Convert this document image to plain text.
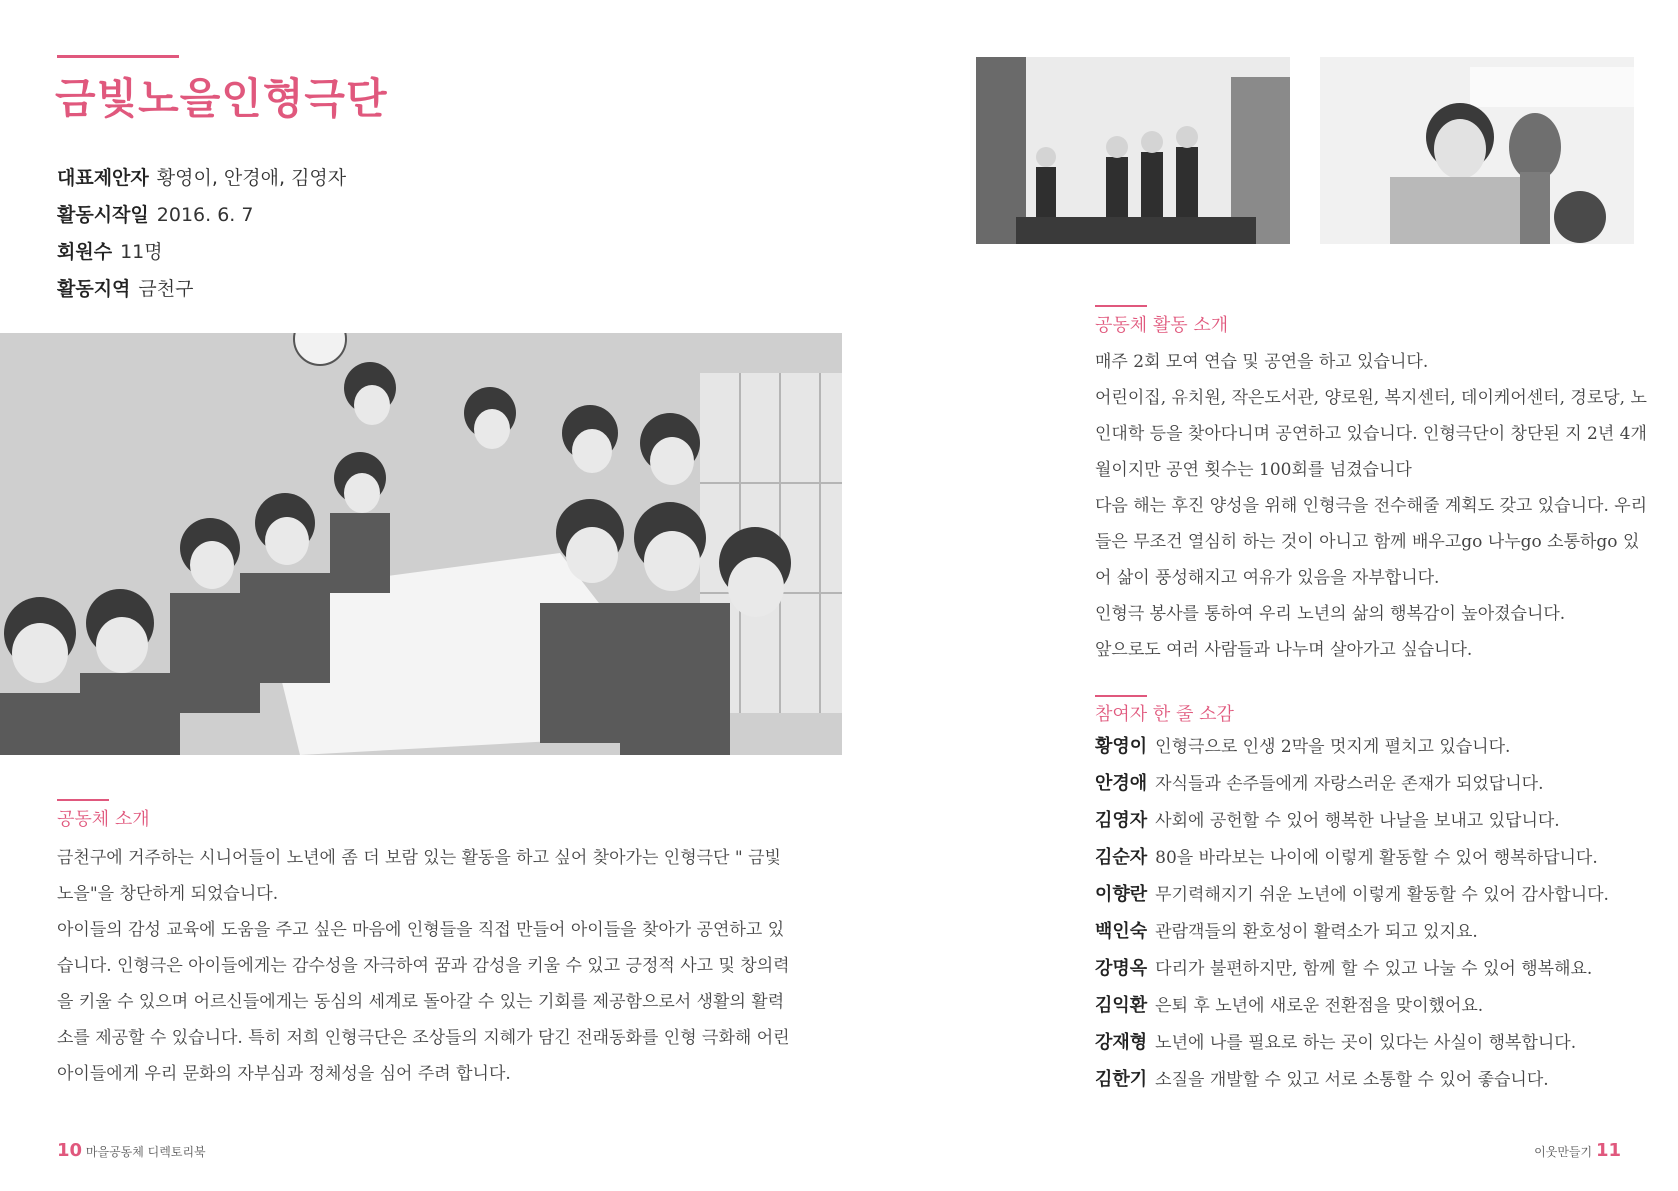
금빛노을인형극단
대표제안자 황영이, 안경애, 김영자
활동시작일 2016. 6. 7
회원수 11명
활동지역 금천구
공동체 소개

금천구에 거주하는 시니어들이 노년에 좀 더 보람 있는 활동을 하고 싶어 찾아가는 인형극단 " 금빛노을"을 창단하게 되었습니다.

아이들의 감성 교육에 도움을 주고 싶은 마음에 인형들을 직접 만들어 아이들을 찾아가 공연하고 있습니다. 인형극은 아이들에게는 감수성을 자극하여 꿈과 감성을 키울 수 있고 긍정적 사고 및 창의력을 키울 수 있으며 어르신들에게는 동심의 세계로 돌아갈 수 있는 기회를 제공함으로서 생활의 활력소를 제공할 수 있습니다. 특히 저희 인형극단은 조상들의 지혜가 담긴 전래동화를 인형 극화해 어린아이들에게 우리 문화의 자부심과 정체성을 심어 주려 합니다.

10 마을공동체 디렉토리북
공동체 활동 소개

매주 2회 모여 연습 및 공연을 하고 있습니다.

어린이집, 유치원, 작은도서관, 양로원, 복지센터, 데이케어센터, 경로당, 노인대학 등을 찾아다니며 공연하고 있습니다. 인형극단이 창단된 지 2년 4개월이지만 공연 횟수는 100회를 넘겼습니다

다음 해는 후진 양성을 위해 인형극을 전수해줄 계획도 갖고 있습니다. 우리들은 무조건 열심히 하는 것이 아니고 함께 배우고go 나누go 소통하go 있어 삶이 풍성해지고 여유가 있음을 자부합니다.

인형극 봉사를 통하여 우리 노년의 삶의 행복감이 높아졌습니다.

앞으로도 여러 사람들과 나누며 살아가고 싶습니다.

참여자 한 줄 소감
황영이 인형극으로 인생 2막을 멋지게 펼치고 있습니다.
안경애 자식들과 손주들에게 자랑스러운 존재가 되었답니다.
김영자 사회에 공헌할 수 있어 행복한 나날을 보내고 있답니다.
김순자 80을 바라보는 나이에 이렇게 활동할 수 있어 행복하답니다.
이향란 무기력해지기 쉬운 노년에 이렇게 활동할 수 있어 감사합니다.
백인숙 관람객들의 환호성이 활력소가 되고 있지요.
강명옥 다리가 불편하지만, 함께 할 수 있고 나눌 수 있어 행복해요.
김익환 은퇴 후 노년에 새로운 전환점을 맞이했어요.
강재형 노년에 나를 필요로 하는 곳이 있다는 사실이 행복합니다.
김한기 소질을 개발할 수 있고 서로 소통할 수 있어 좋습니다.
이웃만들기 11
